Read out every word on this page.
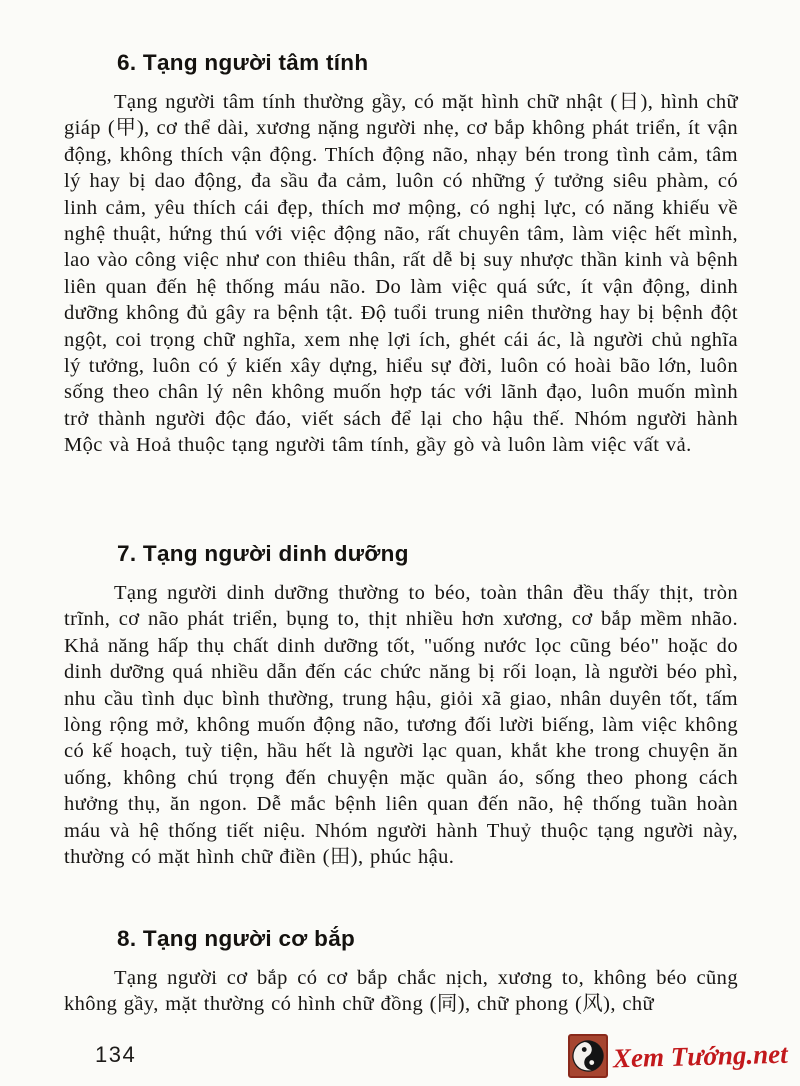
6. Tạng người tâm tính

Tạng người tâm tính thường gầy, có mặt hình chữ nhật (日), hình chữ giáp (甲), cơ thể dài, xương nặng người nhẹ, cơ bắp không phát triển, ít vận động, không thích vận động. Thích động não, nhạy bén trong tình cảm, tâm lý hay bị dao động, đa sầu đa cảm, luôn có những ý tưởng siêu phàm, có linh cảm, yêu thích cái đẹp, thích mơ mộng, có nghị lực, có năng khiếu về nghệ thuật, hứng thú với việc động não, rất chuyên tâm, làm việc hết mình, lao vào công việc như con thiêu thân, rất dễ bị suy nhược thần kinh và bệnh liên quan đến hệ thống máu não. Do làm việc quá sức, ít vận động, dinh dưỡng không đủ gây ra bệnh tật. Độ tuổi trung niên thường hay bị bệnh đột ngột, coi trọng chữ nghĩa, xem nhẹ lợi ích, ghét cái ác, là người chủ nghĩa lý tưởng, luôn có ý kiến xây dựng, hiểu sự đời, luôn có hoài bão lớn, luôn sống theo chân lý nên không muốn hợp tác với lãnh đạo, luôn muốn mình trở thành người độc đáo, viết sách để lại cho hậu thế. Nhóm người hành Mộc và Hoả thuộc tạng người tâm tính, gầy gò và luôn làm việc vất vả.

7. Tạng người dinh dưỡng

Tạng người dinh dưỡng thường to béo, toàn thân đều thấy thịt, tròn trĩnh, cơ não phát triển, bụng to, thịt nhiều hơn xương, cơ bắp mềm nhão. Khả năng hấp thụ chất dinh dưỡng tốt, "uống nước lọc cũng béo" hoặc do dinh dưỡng quá nhiều dẫn đến các chức năng bị rối loạn, là người béo phì, nhu cầu tình dục bình thường, trung hậu, giỏi xã giao, nhân duyên tốt, tấm lòng rộng mở, không muốn động não, tương đối lười biếng, làm việc không có kế hoạch, tuỳ tiện, hầu hết là người lạc quan, khắt khe trong chuyện ăn uống, không chú trọng đến chuyện mặc quần áo, sống theo phong cách hưởng thụ, ăn ngon. Dễ mắc bệnh liên quan đến não, hệ thống tuần hoàn máu và hệ thống tiết niệu. Nhóm người hành Thuỷ thuộc tạng người này, thường có mặt hình chữ điền (田), phúc hậu.

8. Tạng người cơ bắp

Tạng người cơ bắp có cơ bắp chắc nịch, xương to, không béo cũng không gầy, mặt thường có hình chữ đồng (同), chữ phong (风), chữ

134	Xem Tướng.net
